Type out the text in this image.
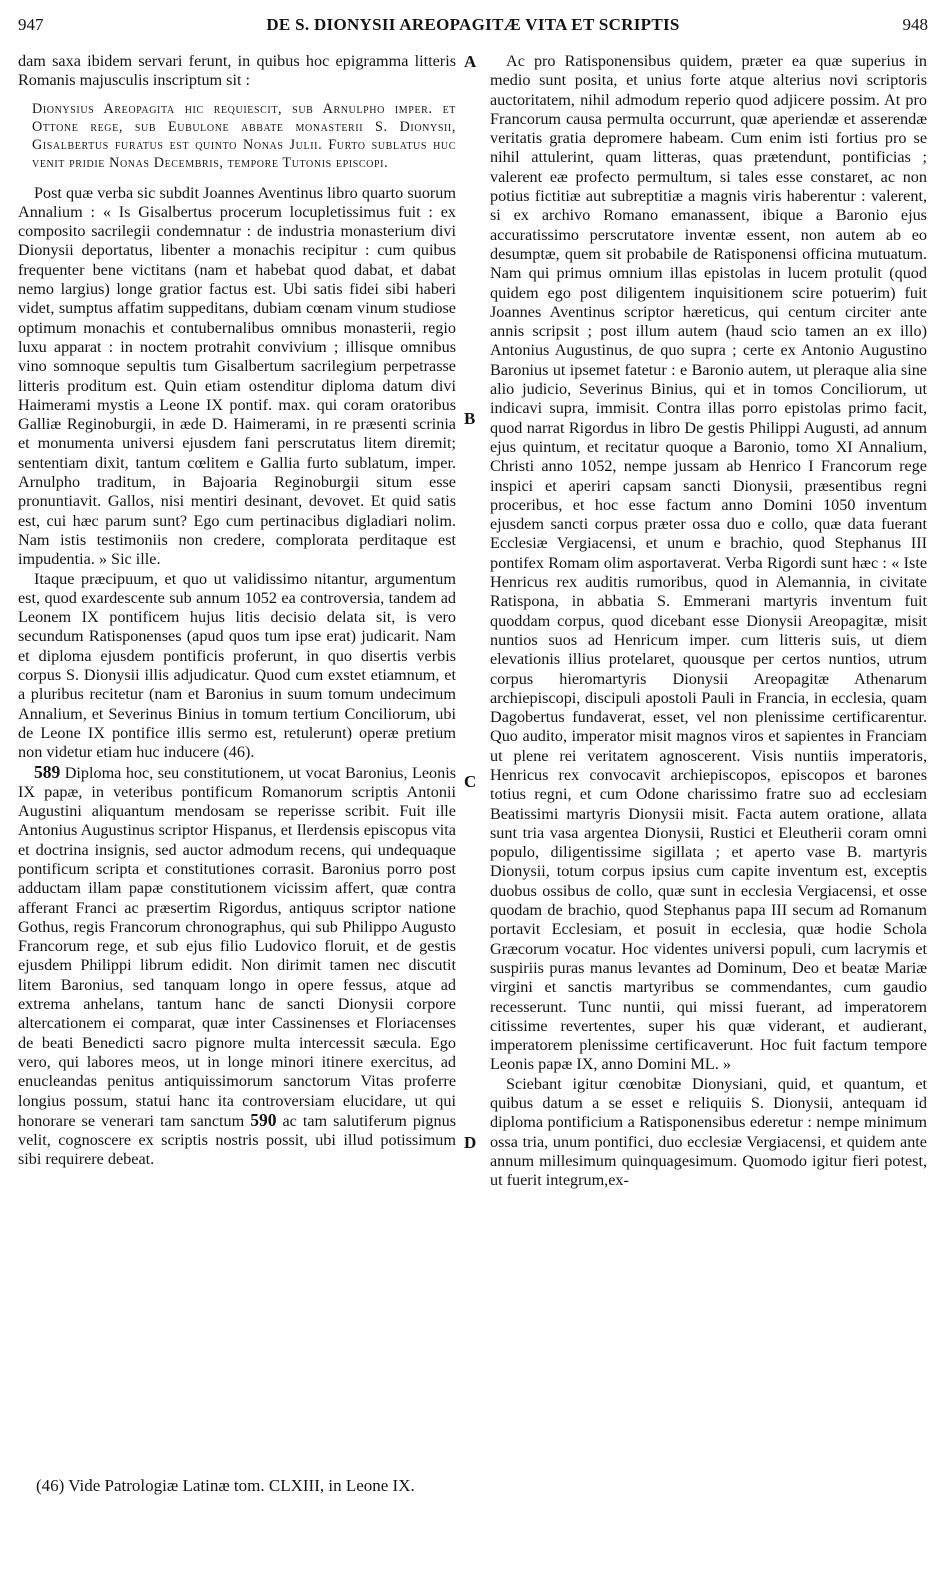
947	DE S. DIONYSII AREOPAGITÆ VITA ET SCRIPTIS	948
A
B
C
D

dam saxa ibidem servari ferunt, in quibus hoc epigramma litteris Romanis majusculis inscriptum sit :

Dionysius Areopagita hic requiescit, sub Arnulpho imper. et Ottone rege, sub Eubulone abbate monasterii S. Dionysii, Gisalbertus furatus est quinto Nonas Julii. Furto sublatus huc venit pridie Nonas Decembris, tempore Tutonis episcopi.

Post quæ verba sic subdit Joannes Aventinus libro quarto suorum Annalium : « Is Gisalbertus procerum locupletissimus fuit : ex composito sacrilegii condemnatur : de industria monasterium divi Dionysii deportatus, libenter a monachis recipitur : cum quibus frequenter bene victitans (nam et habebat quod dabat, et dabat nemo largius) longe gratior factus est. Ubi satis fidei sibi haberi videt, sumptus affatim suppeditans, dubiam cœnam vinum studiose optimum monachis et contubernalibus omnibus monasterii, regio luxu apparat : in noctem protrahit convivium ; illisque omnibus vino somnoque sepultis tum Gisalbertum sacrilegium perpetrasse litteris proditum est. Quin etiam ostenditur diploma datum divi Haimerami mystis a Leone IX pontif. max. qui coram oratoribus Galliæ Reginoburgii, in æde D. Haimerami, in re præsenti scrinia et monumenta universi ejusdem fani perscrutatus litem diremit; sententiam dixit, tantum cœlitem e Gallia furto sublatum, imper. Arnulpho traditum, in Bajoaria Reginoburgii situm esse pronuntiavit. Gallos, nisi mentiri desinant, devovet. Et quid satis est, cui hæc parum sunt? Ego cum pertinacibus digladiari nolim. Nam istis testimoniis non credere, complorata perditaque est impudentia. » Sic ille.

Itaque præcipuum, et quo ut validissimo nitantur, argumentum est, quod exardescente sub annum 1052 ea controversia, tandem ad Leonem IX pontificem hujus litis decisio delata sit, is vero secundum Ratisponenses (apud quos tum ipse erat) judicarit. Nam et diploma ejusdem pontificis proferunt, in quo disertis verbis corpus S. Dionysii illis adjudicatur. Quod cum exstet etiamnum, et a pluribus recitetur (nam et Baronius in suum tomum undecimum Annalium, et Severinus Binius in tomum tertium Conciliorum, ubi de Leone IX pontifice illis sermo est, retulerunt) operæ pretium non videtur etiam huc inducere (46).

589 Diploma hoc, seu constitutionem, ut vocat Baronius, Leonis IX papæ, in veteribus pontificum Romanorum scriptis Antonii Augustini aliquantum mendosam se reperisse scribit. Fuit ille Antonius Augustinus scriptor Hispanus, et Ilerdensis episcopus vita et doctrina insignis, sed auctor admodum recens, qui undequaque pontificum scripta et constitutiones corrasit. Baronius porro post adductam illam papæ constitutionem vicissim affert, quæ contra afferant Franci ac præsertim Rigordus, antiquus scriptor natione Gothus, regis Francorum chronographus, qui sub Philippo Augusto Francorum rege, et sub ejus filio Ludovico floruit, et de gestis ejusdem Philippi librum edidit. Non dirimit tamen nec discutit litem Baronius, sed tanquam longo in opere fessus, atque ad extrema anhelans, tantum hanc de sancti Dionysii corpore altercationem ei comparat, quæ inter Cassinenses et Floriacenses de beati Benedicti sacro pignore multa intercessit sæcula. Ego vero, qui labores meos, ut in longe minori itinere exercitus, ad enucleandas penitus antiquissimorum sanctorum Vitas proferre longius possum, statui hanc ita controversiam elucidare, ut qui honorare se venerari tam sanctum 590 ac tam salutiferum pignus velit, cognoscere ex scriptis nostris possit, ubi illud potissimum sibi requirere debeat.

Ac pro Ratisponensibus quidem, præter ea quæ superius in medio sunt posita, et unius forte atque alterius novi scriptoris auctoritatem, nihil admodum reperio quod adjicere possim. At pro Francorum causa permulta occurrunt, quæ aperiendæ et asserendæ veritatis gratia depromere habeam. Cum enim isti fortius pro se nihil attulerint, quam litteras, quas prætendunt, pontificias ; valerent eæ profecto permultum, si tales esse constaret, ac non potius fictitiæ aut subreptitiæ a magnis viris haberentur : valerent, si ex archivo Romano emanassent, ibique a Baronio ejus accuratissimo perscrutatore inventæ essent, non autem ab eo desumptæ, quem sit probabile de Ratisponensi officina mutuatum. Nam qui primus omnium illas epistolas in lucem protulit (quod quidem ego post diligentem inquisitionem scire potuerim) fuit Joannes Aventinus scriptor hæreticus, qui centum circiter ante annis scripsit ; post illum autem (haud scio tamen an ex illo) Antonius Augustinus, de quo supra ; certe ex Antonio Augustino Baronius ut ipsemet fatetur : e Baronio autem, ut pleraque alia sine alio judicio, Severinus Binius, qui et in tomos Conciliorum, ut indicavi supra, immisit. Contra illas porro epistolas primo facit, quod narrat Rigordus in libro De gestis Philippi Augusti, ad annum ejus quintum, et recitatur quoque a Baronio, tomo XI Annalium, Christi anno 1052, nempe jussam ab Henrico I Francorum rege inspici et aperiri capsam sancti Dionysii, præsentibus regni proceribus, et hoc esse factum anno Domini 1050 inventum ejusdem sancti corpus præter ossa duo e collo, quæ data fuerant Ecclesiæ Vergiacensi, et unum e brachio, quod Stephanus III pontifex Romam olim asportaverat. Verba Rigordi sunt hæc : « Iste Henricus rex auditis rumoribus, quod in Alemannia, in civitate Ratispona, in abbatia S. Emmerani martyris inventum fuit quoddam corpus, quod dicebant esse Dionysii Areopagitæ, misit nuntios suos ad Henricum imper. cum litteris suis, ut diem elevationis illius protelaret, quousque per certos nuntios, utrum corpus hieromartyris Dionysii Areopagitæ Athenarum archiepiscopi, discipuli apostoli Pauli in Francia, in ecclesia, quam Dagobertus fundaverat, esset, vel non plenissime certificarentur. Quo audito, imperator misit magnos viros et sapientes in Franciam ut plene rei veritatem agnoscerent. Visis nuntiis imperatoris, Henricus rex convocavit archiepiscopos, episcopos et barones totius regni, et cum Odone charissimo fratre suo ad ecclesiam Beatissimi martyris Dionysii misit. Facta autem oratione, allata sunt tria vasa argentea Dionysii, Rustici et Eleutherii coram omni populo, diligentissime sigillata ; et aperto vase B. martyris Dionysii, totum corpus ipsius cum capite inventum est, exceptis duobus ossibus de collo, quæ sunt in ecclesia Vergiacensi, et osse quodam de brachio, quod Stephanus papa III secum ad Romanum portavit Ecclesiam, et posuit in ecclesia, quæ hodie Schola Græcorum vocatur. Hoc videntes universi populi, cum lacrymis et suspiriis puras manus levantes ad Dominum, Deo et beatæ Mariæ virgini et sanctis martyribus se commendantes, cum gaudio recesserunt. Tunc nuntii, qui missi fuerant, ad imperatorem citissime revertentes, super his quæ viderant, et audierant, imperatorem plenissime certificaverunt. Hoc fuit factum tempore Leonis papæ IX, anno Domini ML. »

Sciebant igitur cœnobitæ Dionysiani, quid, et quantum, et quibus datum a se esset e reliquiis S. Dionysii, antequam id diploma pontificium a Ratisponensibus ederetur : nempe minimum ossa tria, unum pontifici, duo ecclesiæ Vergiacensi, et quidem ante annum millesimum quinquagesimum. Quomodo igitur fieri potest, ut fuerit integrum,ex-

(46) Vide Patrologiæ Latinæ tom. CLXIII, in Leone IX.
